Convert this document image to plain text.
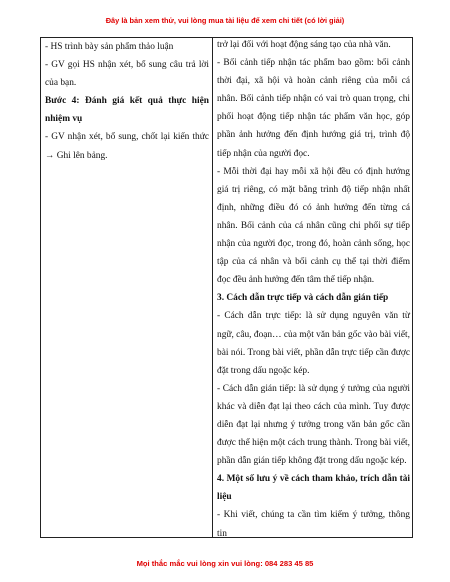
Đây là bản xem thử, vui lòng mua tài liệu để xem chi tiết (có lời giải)

- HS trình bày sản phẩm thảo luận

- GV gọi HS nhận xét, bổ sung câu trả lời của bạn.

Bước 4: Đánh giá kết quả thực hiện nhiệm vụ

- GV nhận xét, bổ sung, chốt lại kiến thức → Ghi lên bảng.

trở lại đối với hoạt động sáng tạo của nhà văn.

- Bối cảnh tiếp nhận tác phẩm bao gồm: bối cảnh thời đại, xã hội và hoàn cảnh riêng của mỗi cá nhân. Bối cảnh tiếp nhận có vai trò quan trọng, chi phối hoạt động tiếp nhận tác phẩm văn học, góp phần ảnh hưởng đến định hướng giá trị, trình độ tiếp nhận của người đọc.

- Mỗi thời đại hay mỗi xã hội đều có định hướng giá trị riêng, có mặt bằng trình độ tiếp nhận nhất định, những điều đó có ảnh hưởng đến từng cá nhân. Bối cảnh của cá nhân cũng chi phối sự tiếp nhận của người đọc, trong đó, hoàn cảnh sống, học tập của cá nhân và bối cảnh cụ thể tại thời điểm đọc đều ảnh hưởng đến tâm thế tiếp nhận.

3. Cách dẫn trực tiếp và cách dẫn gián tiếp

- Cách dẫn trực tiếp: là sử dụng nguyên văn từ ngữ, câu, đoạn… của một văn bản gốc vào bài viết, bài nói. Trong bài viết, phần dẫn trực tiếp cần được đặt trong dấu ngoặc kép.

- Cách dẫn gián tiếp: là sử dụng ý tưởng của người khác và diễn đạt lại theo cách của mình. Tuy được diễn đạt lại nhưng ý tưởng trong văn bản gốc cần được thể hiện một cách trung thành. Trong bài viết, phần dẫn gián tiếp không đặt trong dấu ngoặc kép.

4. Một số lưu ý về cách tham khảo, trích dẫn tài liệu

- Khi viết, chúng ta cần tìm kiếm ý tưởng, thông tin

Mọi thắc mắc vui lòng xin vui lòng: 084 283 45 85
